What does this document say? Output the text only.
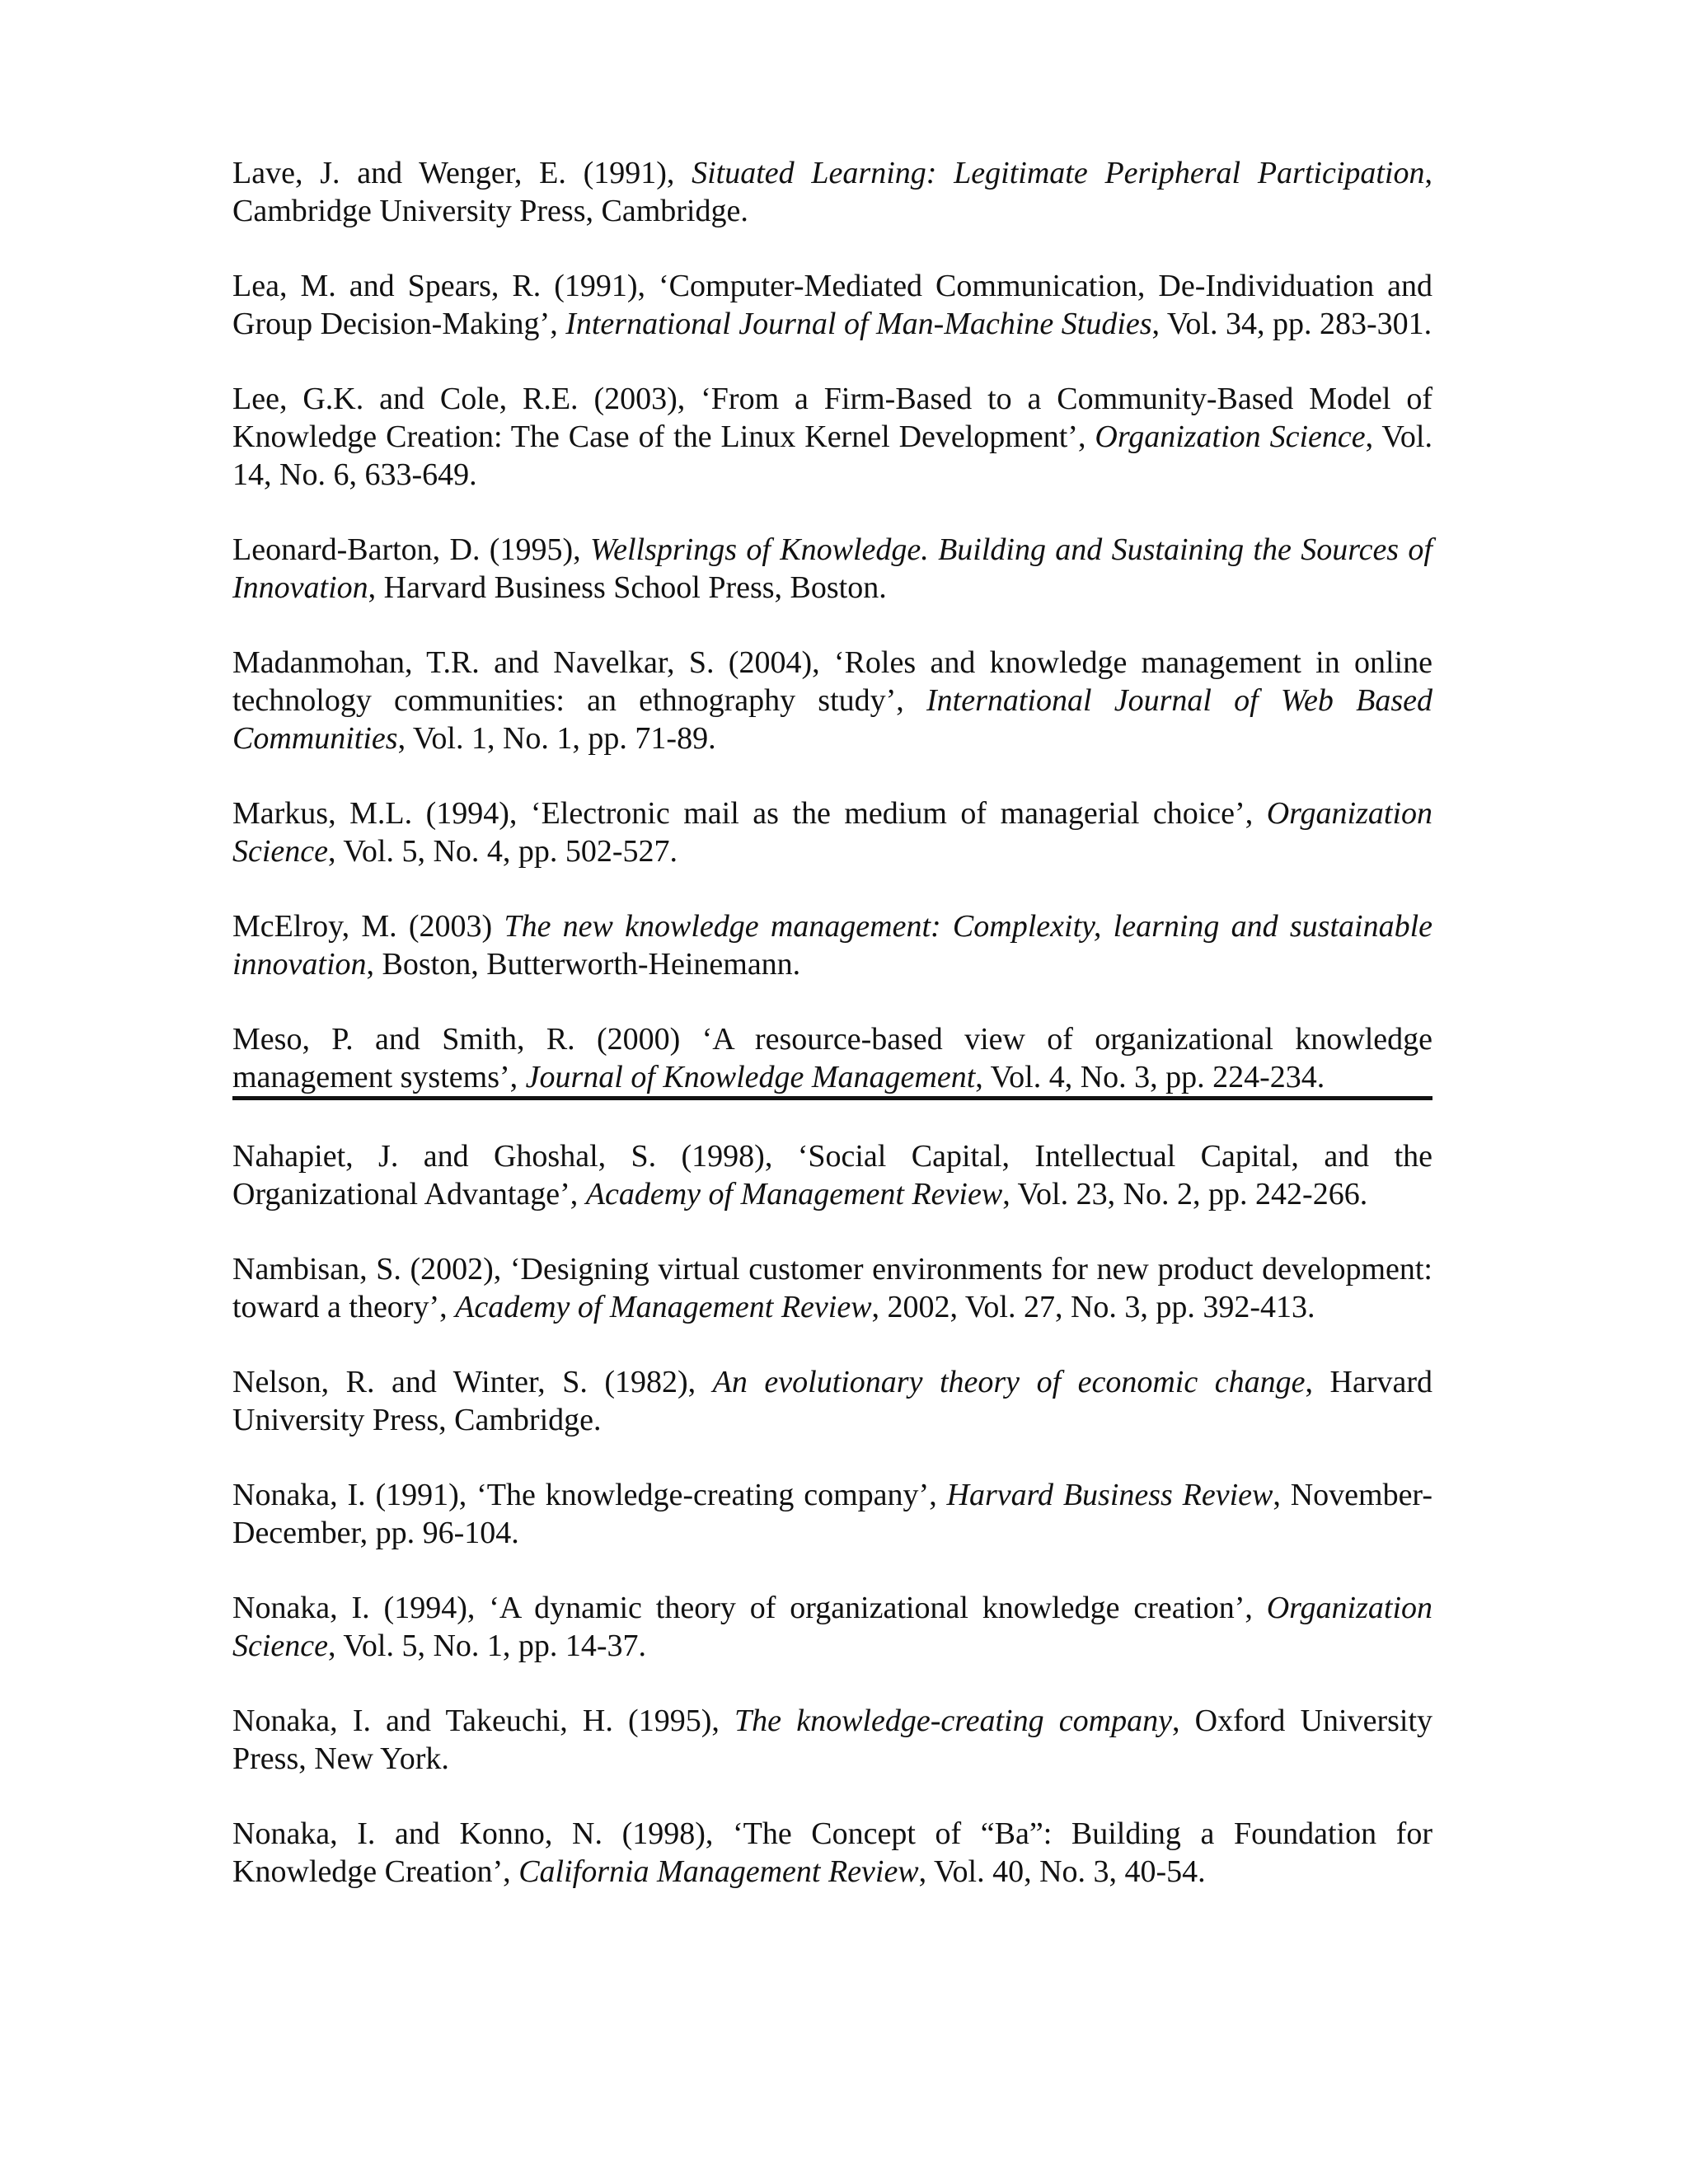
Lave, J. and Wenger, E. (1991), Situated Learning: Legitimate Peripheral Participation, Cambridge University Press, Cambridge.

Lea, M. and Spears, R. (1991), ‘Computer-Mediated Communication, De-Individuation and Group Decision-Making’, International Journal of Man-Machine Studies, Vol. 34, pp. 283-301.

Lee, G.K. and Cole, R.E. (2003), ‘From a Firm-Based to a Community-Based Model of Knowledge Creation: The Case of the Linux Kernel Development’, Organization Science, Vol. 14, No. 6, 633-649.

Leonard-Barton, D. (1995), Wellsprings of Knowledge. Building and Sustaining the Sources of Innovation, Harvard Business School Press, Boston.

Madanmohan, T.R. and Navelkar, S. (2004), ‘Roles and knowledge management in online technology communities: an ethnography study’, International Journal of Web Based Communities, Vol. 1, No. 1, pp. 71-89.

Markus, M.L. (1994), ‘Electronic mail as the medium of managerial choice’, Organization Science, Vol. 5, No. 4, pp. 502-527.

McElroy, M. (2003) The new knowledge management: Complexity, learning and sustainable innovation, Boston, Butterworth-Heinemann.

Meso, P. and Smith, R. (2000) ‘A resource-based view of organizational knowledge management systems’, Journal of Knowledge Management, Vol. 4, No. 3, pp. 224-234.

Nahapiet, J. and Ghoshal, S. (1998), ‘Social Capital, Intellectual Capital, and the Organizational Advantage’, Academy of Management Review, Vol. 23, No. 2, pp. 242-266.

Nambisan, S. (2002), ‘Designing virtual customer environments for new product development: toward a theory’, Academy of Management Review, 2002, Vol. 27, No. 3, pp. 392-413.

Nelson, R. and Winter, S. (1982), An evolutionary theory of economic change, Harvard University Press, Cambridge.

Nonaka, I. (1991), ‘The knowledge-creating company’, Harvard Business Review, November-December, pp. 96-104.

Nonaka, I. (1994), ‘A dynamic theory of organizational knowledge creation’, Organization Science, Vol. 5, No. 1, pp. 14-37.

Nonaka, I. and Takeuchi, H. (1995), The knowledge-creating company, Oxford University Press, New York.

Nonaka, I. and Konno, N. (1998), ‘The Concept of “Ba”: Building a Foundation for Knowledge Creation’, California Management Review, Vol. 40, No. 3, 40-54.
